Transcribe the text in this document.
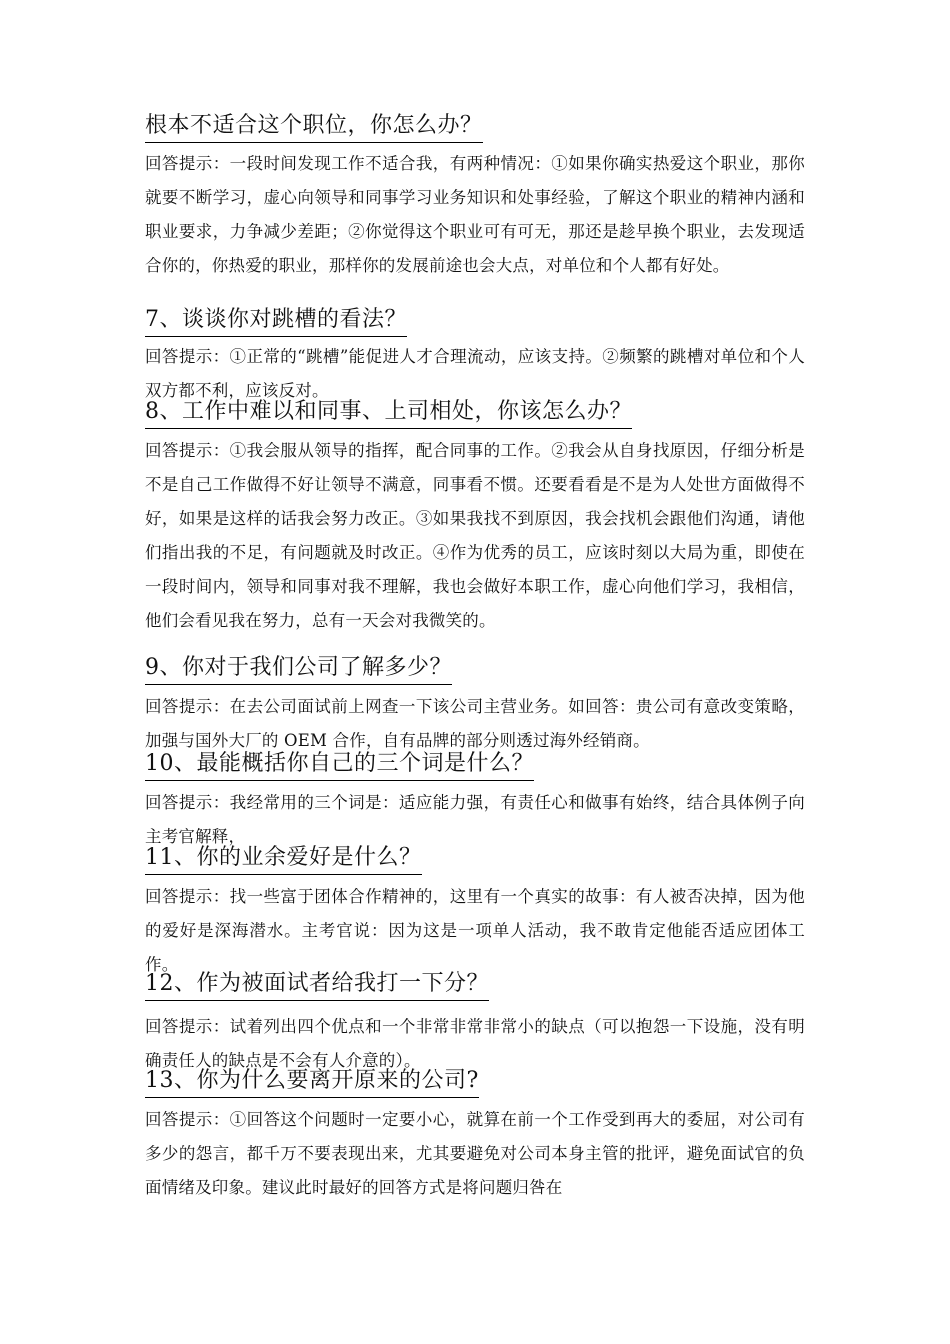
根本不适合这个职位，你怎么办？
回答提示：一段时间发现工作不适合我，有两种情况：①如果你确实热爱这个职业，那你就要不断学习，虚心向领导和同事学习业务知识和处事经验，了解这个职业的精神内涵和职业要求，力争减少差距；②你觉得这个职业可有可无，那还是趁早换个职业，去发现适合你的，你热爱的职业，那样你的发展前途也会大点，对单位和个人都有好处。
7、谈谈你对跳槽的看法？
回答提示：①正常的“跳槽”能促进人才合理流动，应该支持。②频繁的跳槽对单位和个人双方都不利，应该反对。
8、工作中难以和同事、上司相处，你该怎么办？
回答提示：①我会服从领导的指挥，配合同事的工作。②我会从自身找原因，仔细分析是不是自己工作做得不好让领导不满意，同事看不惯。还要看看是不是为人处世方面做得不好，如果是这样的话我会努力改正。③如果我找不到原因，我会找机会跟他们沟通，请他们指出我的不足，有问题就及时改正。④作为优秀的员工，应该时刻以大局为重，即使在一段时间内，领导和同事对我不理解，我也会做好本职工作，虚心向他们学习，我相信，他们会看见我在努力，总有一天会对我微笑的。
9、你对于我们公司了解多少？
回答提示：在去公司面试前上网查一下该公司主营业务。如回答：贵公司有意改变策略，加强与国外大厂的 OEM 合作，自有品牌的部分则透过海外经销商。
10、最能概括你自己的三个词是什么？
回答提示：我经常用的三个词是：适应能力强，有责任心和做事有始终，结合具体例子向主考官解释，
11、你的业余爱好是什么？
回答提示：找一些富于团体合作精神的，这里有一个真实的故事：有人被否决掉，因为他的爱好是深海潜水。主考官说：因为这是一项单人活动，我不敢肯定他能否适应团体工作。
12、作为被面试者给我打一下分？
回答提示：试着列出四个优点和一个非常非常非常小的缺点（可以抱怨一下设施，没有明确责任人的缺点是不会有人介意的）。
13、你为什么要离开原来的公司?
回答提示：①回答这个问题时一定要小心，就算在前一个工作受到再大的委屈，对公司有多少的怨言，都千万不要表现出来，尤其要避免对公司本身主管的批评，避免面试官的负面情绪及印象。建议此时最好的回答方式是将问题归咎在
